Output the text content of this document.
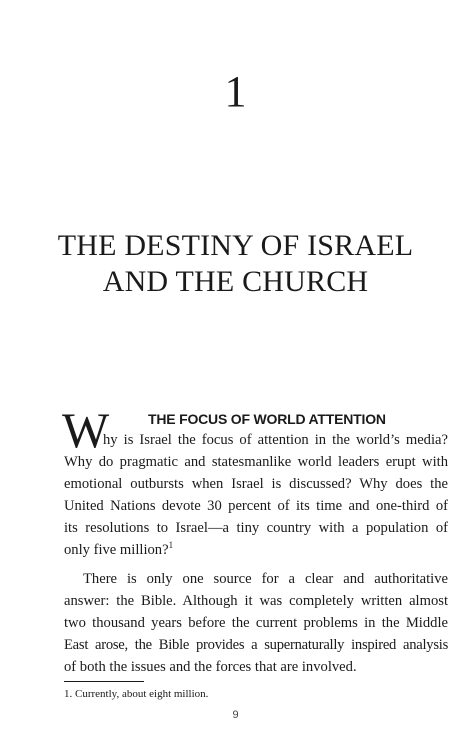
1
THE DESTINY OF ISRAEL
AND THE CHURCH
W	THE FOCUS OF WORLD ATTENTION
hy is Israel the focus of attention in the world’s media?
Why do pragmatic and statesmanlike world leaders erupt with
emotional outbursts when Israel is discussed? Why does the
United Nations devote 30 percent of its time and one-third of
its resolutions to Israel—a tiny country with a population of
only five million?$^1$
There is only one source for a clear and authoritative
answer: the Bible. Although it was completely written almost
two thousand years before the current problems in the Middle
East arose, the Bible provides a supernaturally inspired analysis
of both the issues and the forces that are involved.
1. Currently, about eight million.
9
